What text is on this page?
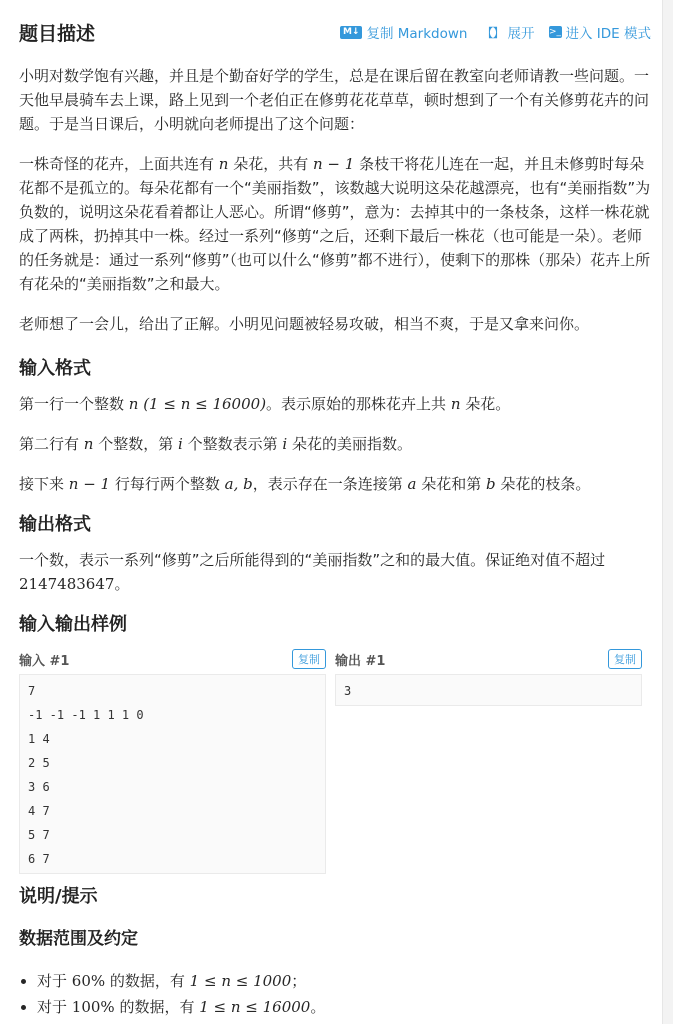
题目描述	M↓ 复制 Markdown 【】 展开 >_ 进入 IDE 模式

小明对数学饱有兴趣，并且是个勤奋好学的学生，总是在课后留在教室向老师请教一些问题。一天他早晨骑车去上课，路上见到一个老伯正在修剪花花草草，顿时想到了一个有关修剪花卉的问题。于是当日课后，小明就向老师提出了这个问题：

一株奇怪的花卉，上面共连有 n 朵花，共有 n − 1 条枝干将花儿连在一起，并且未修剪时每朵花都不是孤立的。每朵花都有一个“美丽指数”，该数越大说明这朵花越漂亮，也有“美丽指数”为负数的，说明这朵花看着都让人恶心。所谓“修剪”，意为：去掉其中的一条枝条，这样一株花就成了两株，扔掉其中一株。经过一系列“修剪“之后，还剩下最后一株花（也可能是一朵）。老师的任务就是：通过一系列“修剪”（也可以什么“修剪”都不进行），使剩下的那株（那朵）花卉上所有花朵的“美丽指数”之和最大。

老师想了一会儿，给出了正解。小明见问题被轻易攻破，相当不爽，于是又拿来问你。

输入格式

第一行一个整数 n (1 ≤ n ≤ 16000)。表示原始的那株花卉上共 n 朵花。

第二行有 n 个整数，第 i 个整数表示第 i 朵花的美丽指数。

接下来 n − 1 行每行两个整数 a, b，表示存在一条连接第 a 朵花和第 b 朵花的枝条。

输出格式

一个数，表示一系列“修剪”之后所能得到的“美丽指数”之和的最大值。保证绝对值不超过2147483647。

输入输出样例
输入 #1	复制
7
-1 -1 -1 1 1 1 0
1 4
2 5
3 6
4 7
5 7
6 7
输出 #1	复制
3
说明/提示
数据范围及约定
• 对于 60% 的数据，有 1 ≤ n ≤ 1000；
• 对于 100% 的数据，有 1 ≤ n ≤ 16000。
